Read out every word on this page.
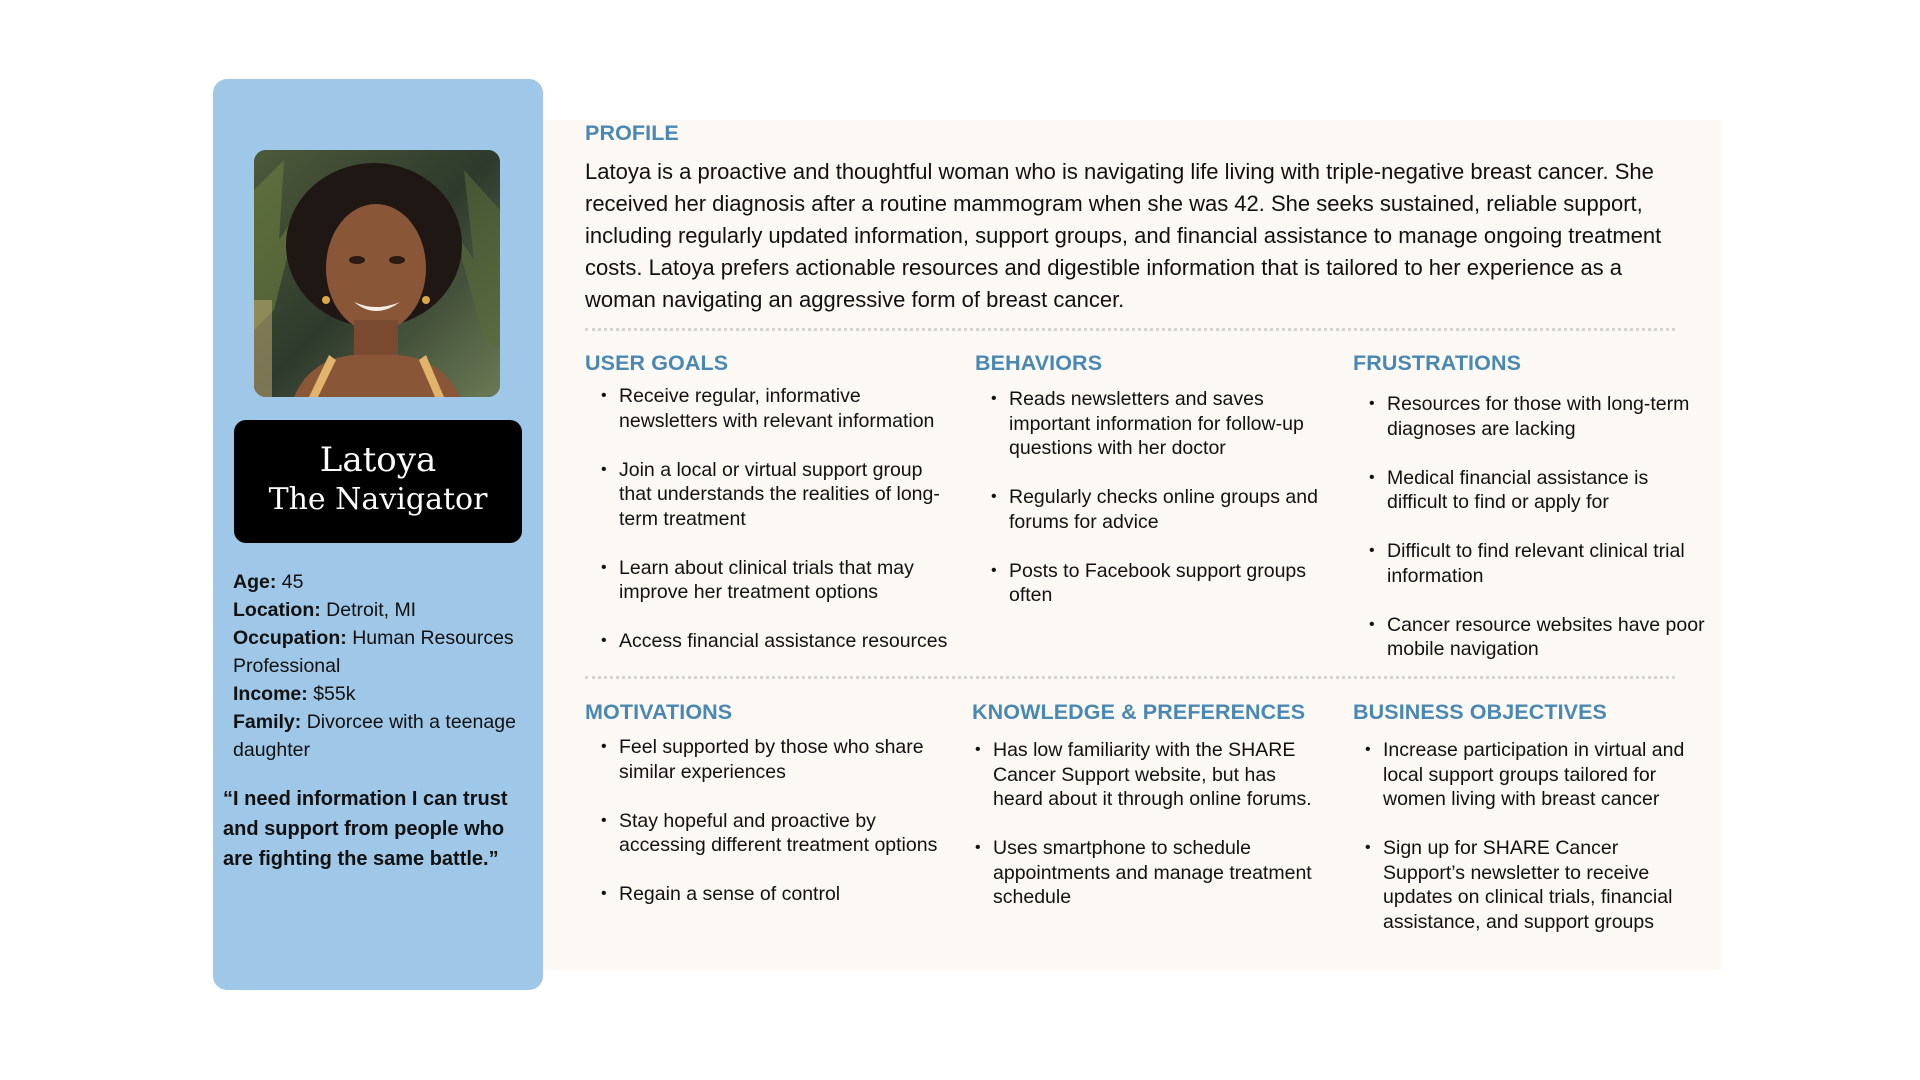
Latoya
The Navigator
Age: 45
Location: Detroit, MI
Occupation: Human Resources Professional
Income: $55k
Family: Divorcee with a teenage daughter
“I need information I can trust and support from people who are fighting the same battle.”
PROFILE
Latoya is a proactive and thoughtful woman who is navigating life living with triple-negative breast cancer. She received her diagnosis after a routine mammogram when she was 42. She seeks sustained, reliable support, including regularly updated information, support groups, and financial assistance to manage ongoing treatment costs. Latoya prefers actionable resources and digestible information that is tailored to her experience as a woman navigating an aggressive form of breast cancer.
USER GOALS
• Receive regular, informative newsletters with relevant information
• Join a local or virtual support group that understands the realities of long-term treatment
• Learn about clinical trials that may improve her treatment options
• Access financial assistance resources
BEHAVIORS
• Reads newsletters and saves important information for follow-up questions with her doctor
• Regularly checks online groups and forums for advice
• Posts to Facebook support groups often
FRUSTRATIONS
• Resources for those with long-term diagnoses are lacking
• Medical financial assistance is difficult to find or apply for
• Difficult to find relevant clinical trial information
• Cancer resource websites have poor mobile navigation
MOTIVATIONS
• Feel supported by those who share similar experiences
• Stay hopeful and proactive by accessing different treatment options
• Regain a sense of control
KNOWLEDGE & PREFERENCES
• Has low familiarity with the SHARE Cancer Support website, but has heard about it through online forums.
• Uses smartphone to schedule appointments and manage treatment schedule
BUSINESS OBJECTIVES
• Increase participation in virtual and local support groups tailored for women living with breast cancer
• Sign up for SHARE Cancer Support’s newsletter to receive updates on clinical trials, financial assistance, and support groups
